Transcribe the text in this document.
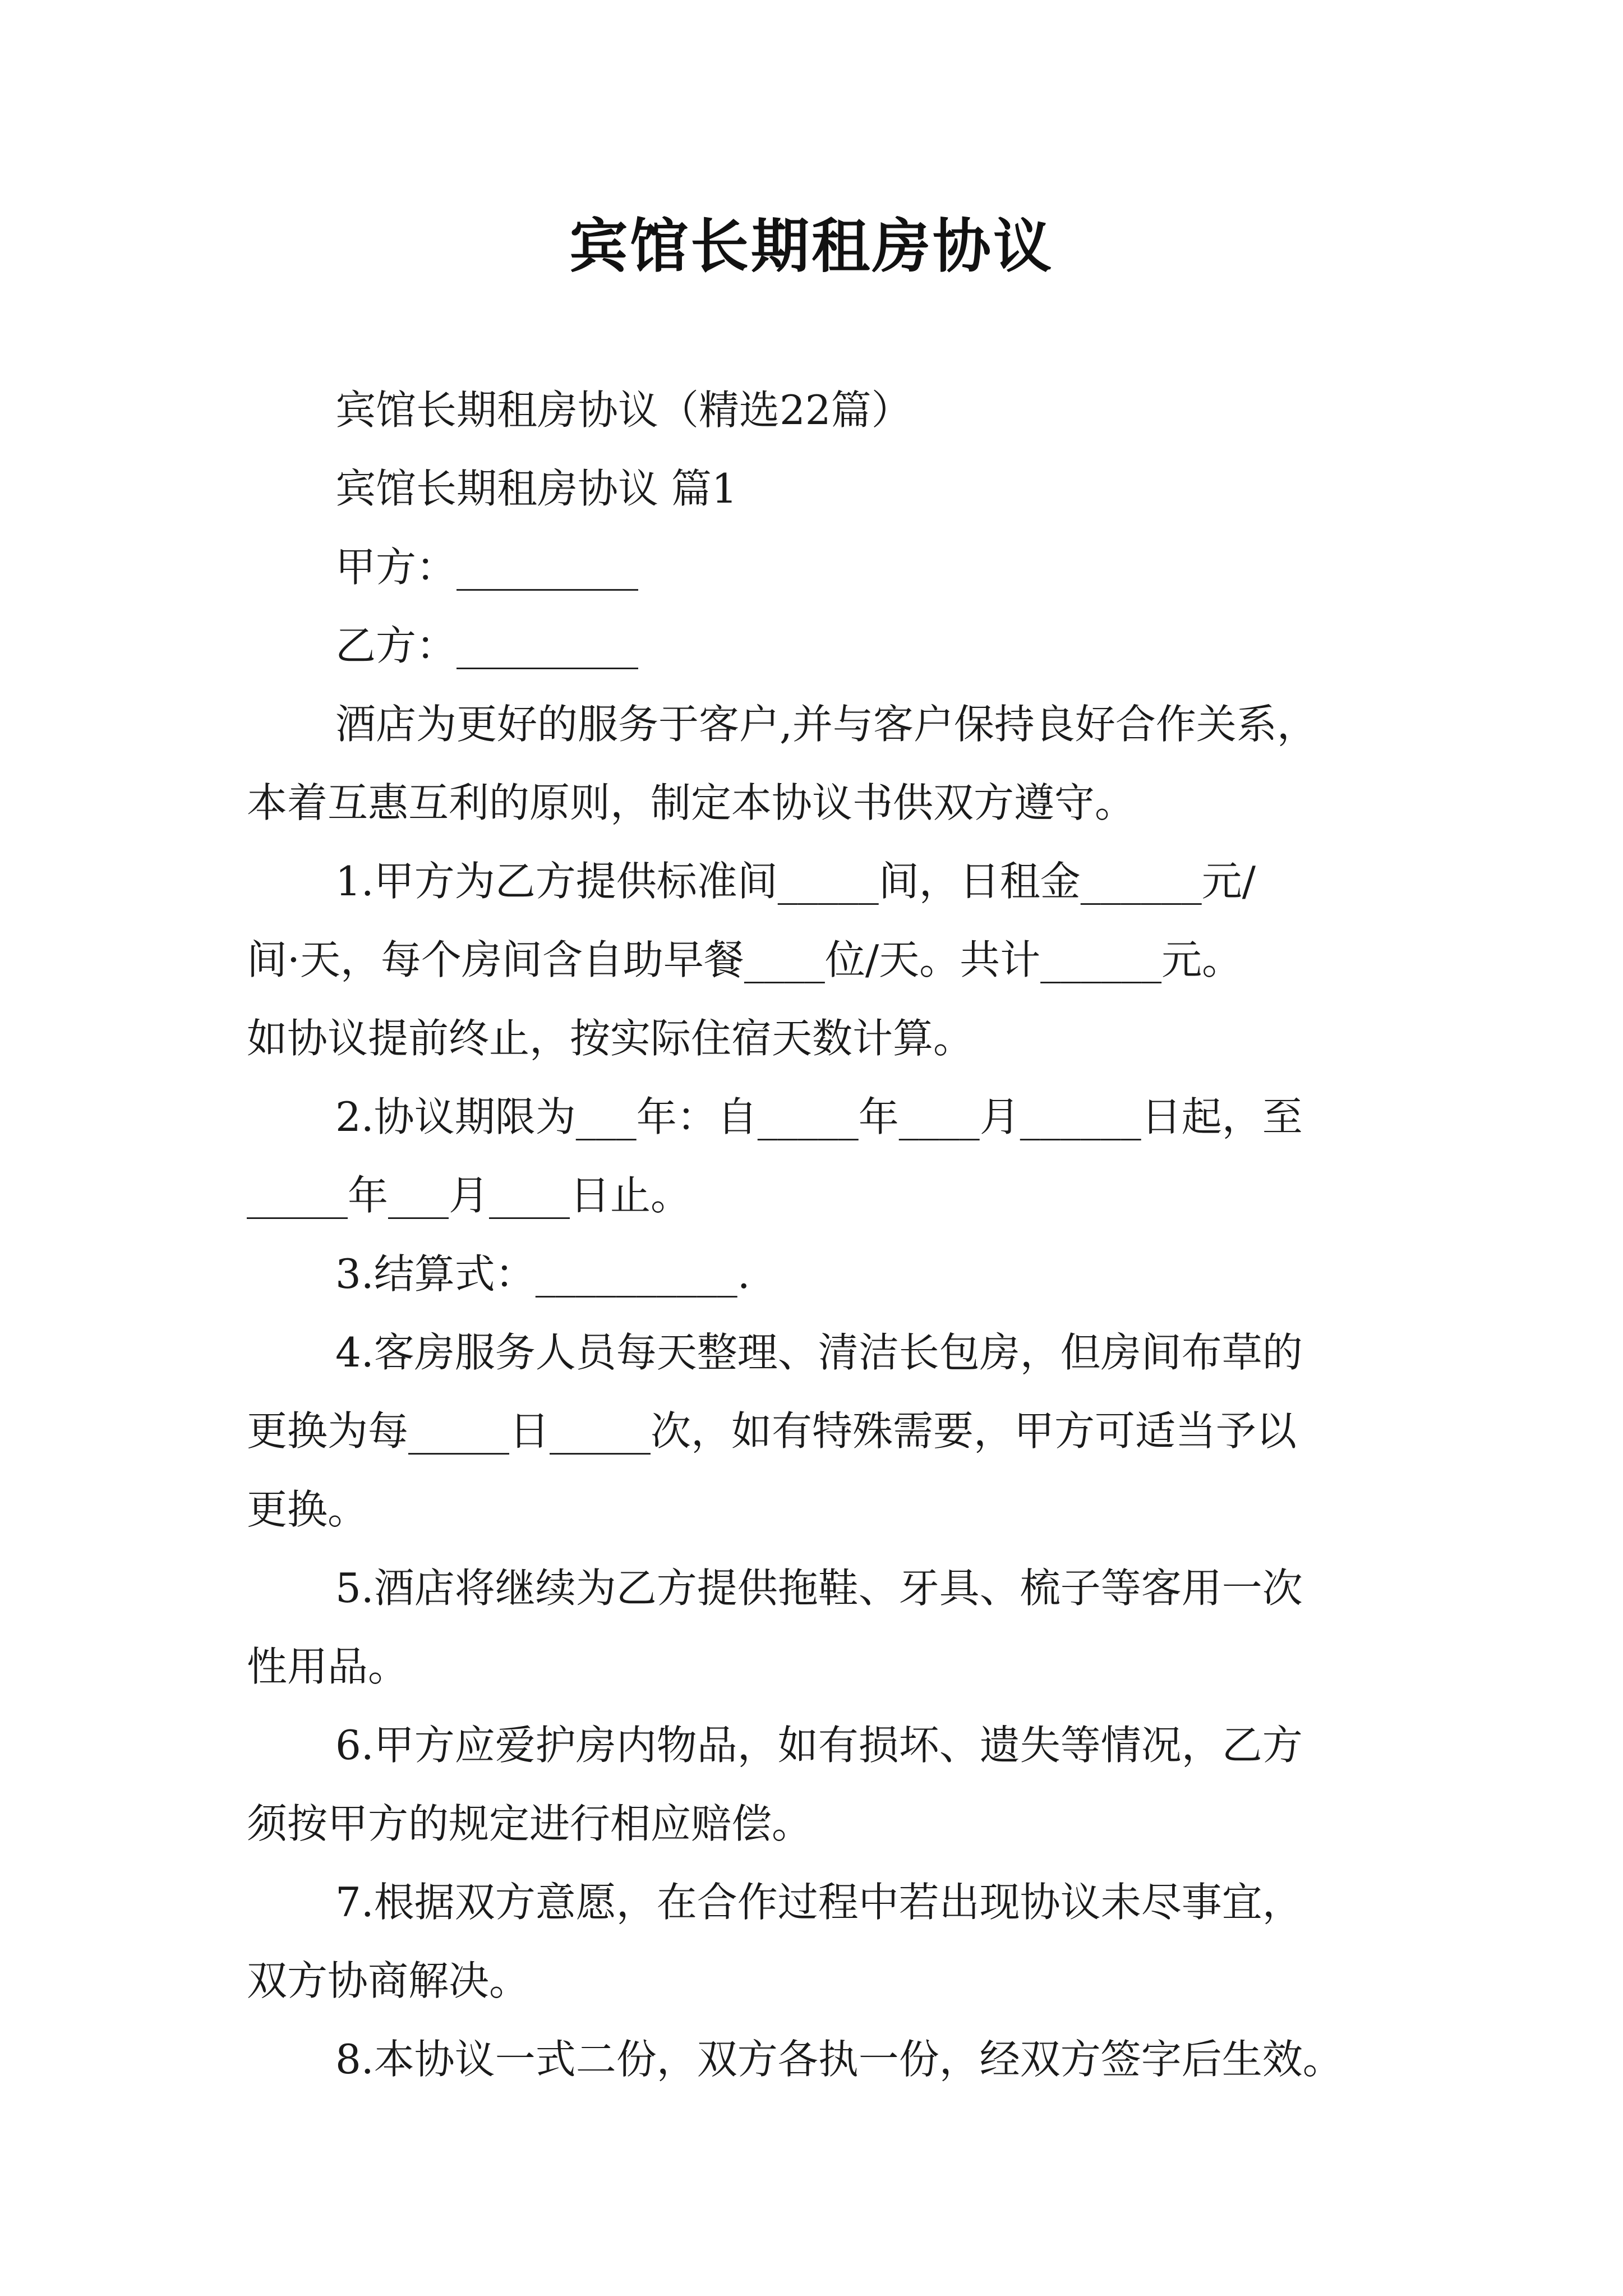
宾馆长期租房协议
宾馆长期租房协议（精选22篇）
宾馆长期租房协议 篇1
甲方：_________
乙方：_________
酒店为更好的服务于客户,并与客户保持良好合作关系，
本着互惠互利的原则，制定本协议书供双方遵守。
1.甲方为乙方提供标准间_____间，日租金______元/
间·天，每个房间含自助早餐____位/天。共计______元。
如协议提前终止，按实际住宿天数计算。
2.协议期限为___年：自_____年____月______日起，至
_____年___月____日止。
3.结算式：__________.
4.客房服务人员每天整理、清洁长包房，但房间布草的
更换为每_____日_____次，如有特殊需要，甲方可适当予以
更换。
5.酒店将继续为乙方提供拖鞋、牙具、梳子等客用一次
性用品。
6.甲方应爱护房内物品，如有损坏、遗失等情况，乙方
须按甲方的规定进行相应赔偿。
7.根据双方意愿，在合作过程中若出现协议未尽事宜，
双方协商解决。
8.本协议一式二份，双方各执一份，经双方签字后生效。
